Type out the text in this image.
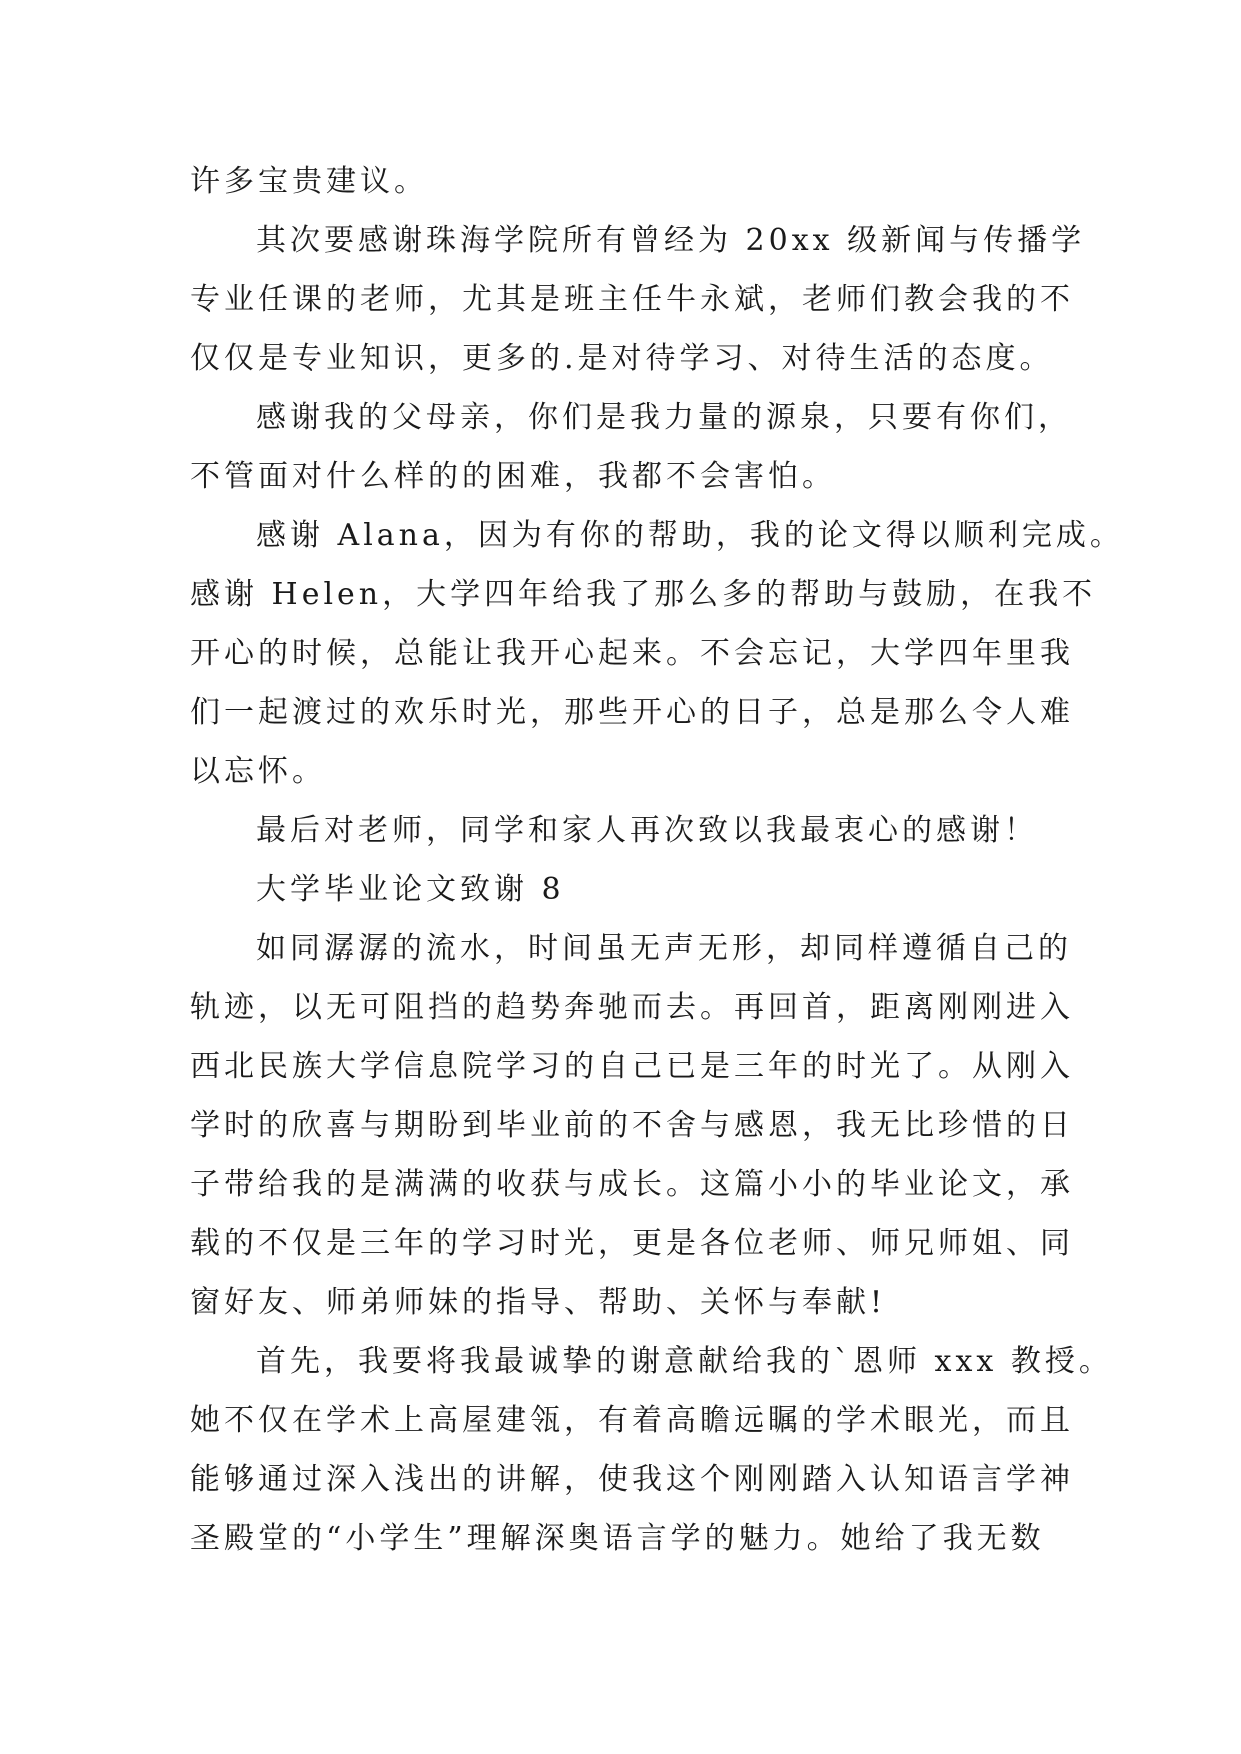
许多宝贵建议。
其次要感谢珠海学院所有曾经为 20xx 级新闻与传播学
专业任课的老师，尤其是班主任牛永斌，老师们教会我的不
仅仅是专业知识，更多的.是对待学习、对待生活的态度。
感谢我的父母亲，你们是我力量的源泉，只要有你们，
不管面对什么样的的困难，我都不会害怕。
感谢 Alana，因为有你的帮助，我的论文得以顺利完成。
感谢 Helen，大学四年给我了那么多的帮助与鼓励，在我不
开心的时候，总能让我开心起来。不会忘记，大学四年里我
们一起渡过的欢乐时光，那些开心的日子，总是那么令人难
以忘怀。
最后对老师，同学和家人再次致以我最衷心的感谢！
大学毕业论文致谢 8
如同潺潺的流水，时间虽无声无形，却同样遵循自己的
轨迹，以无可阻挡的趋势奔驰而去。再回首，距离刚刚进入
西北民族大学信息院学习的自己已是三年的时光了。从刚入
学时的欣喜与期盼到毕业前的不舍与感恩，我无比珍惜的日
子带给我的是满满的收获与成长。这篇小小的毕业论文，承
载的不仅是三年的学习时光，更是各位老师、师兄师姐、同
窗好友、师弟师妹的指导、帮助、关怀与奉献!
首先，我要将我最诚挚的谢意献给我的`恩师 xxx 教授。
她不仅在学术上高屋建瓴，有着高瞻远瞩的学术眼光，而且
能够通过深入浅出的讲解，使我这个刚刚踏入认知语言学神
圣殿堂的“小学生”理解深奥语言学的魅力。她给了我无数
